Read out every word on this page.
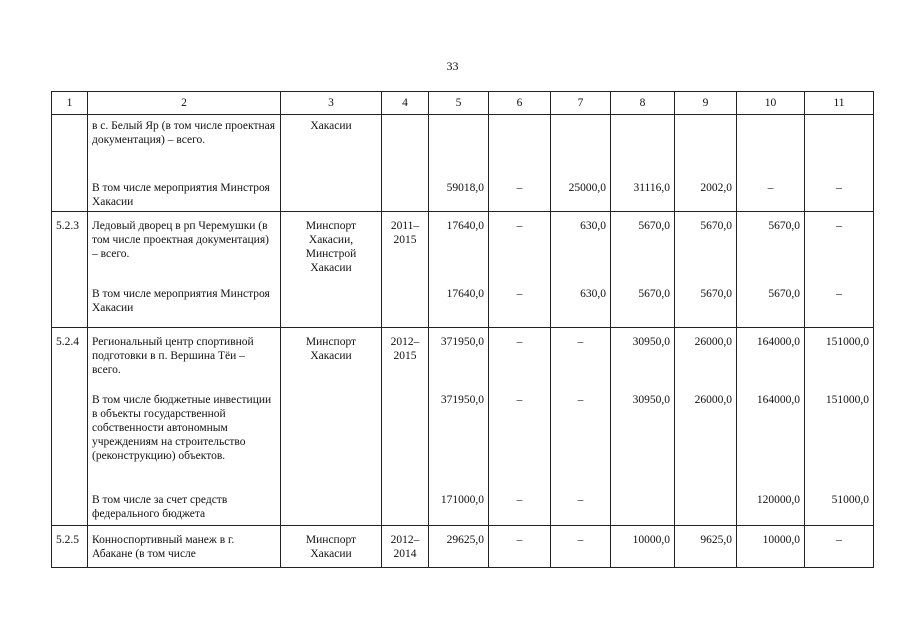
33
1	2	3	4	5	6	7	8	9	10	11
	в с. Белый Яр (в том числе проектная документация) – всего.	Хакасии								
	В том числе мероприятия Минстроя Хакасии			59018,0	–	25000,0	31116,0	2002,0	–	–
5.2.3	Ледовый дворец в рп Черемушки (в том числе проектная документация) – всего.	Минспорт Хакасии, Минстрой Хакасии	2011–2015	17640,0	–	630,0	5670,0	5670,0	5670,0	–
	В том числе мероприятия Минстроя Хакасии			17640,0	–	630,0	5670,0	5670,0	5670,0	–
5.2.4	Региональный центр спортивной подготовки в п. Вершина Тёи – всего.	Минспорт Хакасии	2012–2015	371950,0	–	–	30950,0	26000,0	164000,0	151000,0
	В том числе бюджетные инвестиции в объекты государственной собственности автономным учреждениям на строительство (реконструкцию) объектов.			371950,0	–	–	30950,0	26000,0	164000,0	151000,0
	В том числе за счет средств федерального бюджета			171000,0	–	–			120000,0	51000,0
5.2.5	Конноспортивный манеж в г. Абакане (в том числе	Минспорт Хакасии	2012–2014	29625,0	–	–	10000,0	9625,0	10000,0	–
